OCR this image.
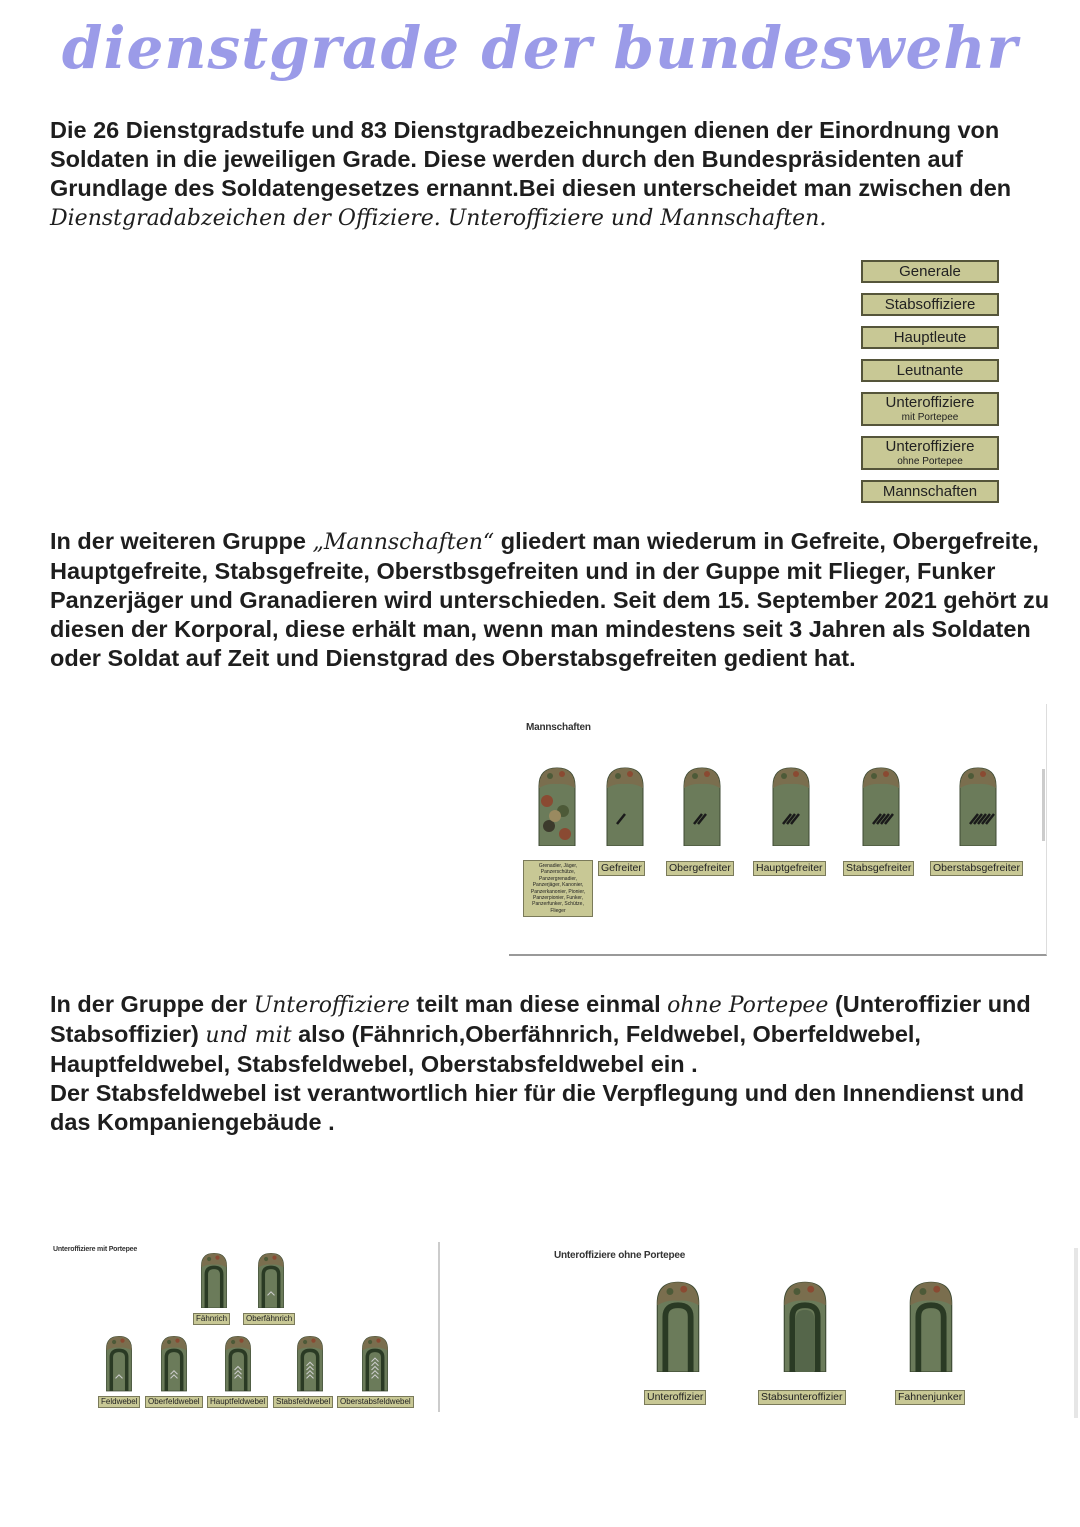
dienstgrade der bundeswehr

Die 26 Dienstgradstufe und 83 Dienstgradbezeichnungen dienen der Einordnung von Soldaten in die jeweiligen Grade. Diese werden durch den Bundespräsidenten auf Grundlage des Soldatengesetzes ernannt.Bei diesen unterscheidet man zwischen den Dienstgradabzeichen der Offiziere. Unteroffiziere und Mannschaften.

Generale
Stabsoffiziere
Hauptleute
Leutnante
Unteroffiziere
mit Portepee
Unteroffiziere
ohne Portepee
Mannschaften

In der weiteren Gruppe „Mannschaften“ gliedert man wiederum in Gefreite, Obergefreite, Hauptgefreite, Stabsgefreite, Oberstbsgefreiten und in der Guppe mit Flieger, Funker Panzerjäger und Granadieren wird unterschieden. Seit dem 15. September 2021 gehört zu diesen der Korporal, diese erhält man, wenn man mindestens seit 3 Jahren als Soldaten oder Soldat auf Zeit und Dienstgrad des Oberstabsgefreiten gedient hat.

Mannschaften
Grenadier, Jäger, Panzerschütze, Panzergrenadier, Panzerjäger, Kanonier, Panzerkanonier, Pionier, Panzerpionier, Funker, Panzerfunker, Schütze, Flieger
Gefreiter	Obergefreiter Hauptgefreiter Stabsgefreiter Oberstabsgefreiter

In der Gruppe der Unteroffiziere teilt man diese einmal ohne Portepee (Unteroffizier und Stabsoffizier) und mit also (Fähnrich,Oberfähnrich, Feldwebel, Oberfeldwebel, Hauptfeldwebel, Stabsfeldwebel, Oberstabsfeldwebel ein .
Der Stabsfeldwebel ist verantwortlich hier für die Verpflegung und den Innendienst und das Kompaniengebäude .

Unteroffiziere mit Portepee
Fähnrich	Oberfähnrich
Feldwebel	Oberfeldwebel	Hauptfeldwebel	Stabsfeldwebel	Oberstabsfeldwebel
Unteroffiziere ohne Portepee
Unteroffizier	Stabsunteroffizier	Fahnenjunker
